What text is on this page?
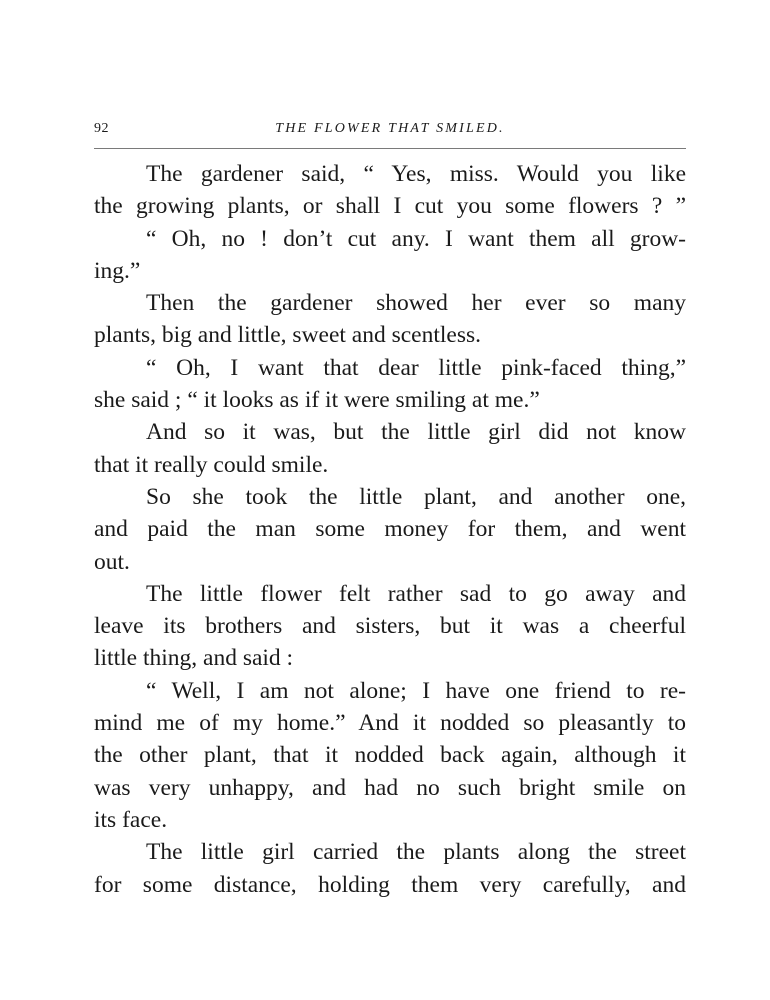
92	THE FLOWER THAT SMILED.
The gardener said, “ Yes, miss. Would you like
the growing plants, or shall I cut you some flowers ? ”
“ Oh, no ! don’t cut any. I want them all grow-
ing.”
Then the gardener showed her ever so many
plants, big and little, sweet and scentless.
“ Oh, I want that dear little pink-faced thing,”
she said ; “ it looks as if it were smiling at me.”
And so it was, but the little girl did not know
that it really could smile.
So she took the little plant, and another one,
and paid the man some money for them, and went
out.
The little flower felt rather sad to go away and
leave its brothers and sisters, but it was a cheerful
little thing, and said :
“ Well, I am not alone; I have one friend to re-
mind me of my home.” And it nodded so pleasantly to
the other plant, that it nodded back again, although it
was very unhappy, and had no such bright smile on
its face.
The little girl carried the plants along the street
for some distance, holding them very carefully, and
